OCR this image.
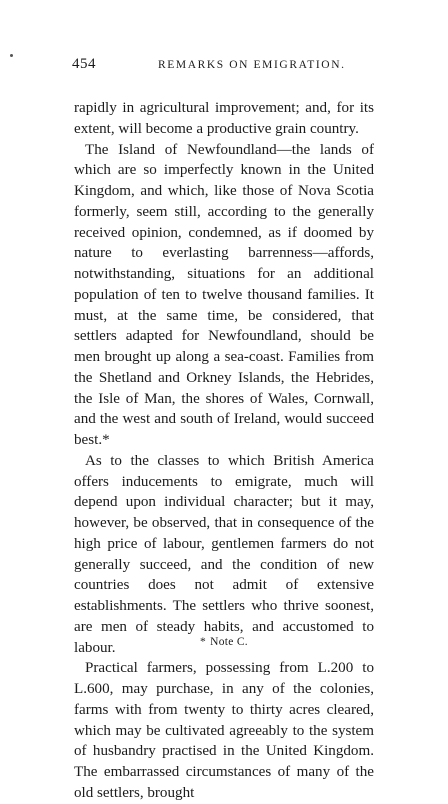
454	REMARKS ON EMIGRATION.

rapidly in agricultural improvement; and, for its extent, will become a productive grain country.

The Island of Newfoundland—the lands of which are so imperfectly known in the United Kingdom, and which, like those of Nova Scotia formerly, seem still, according to the generally received opinion, condemned, as if doomed by nature to everlasting barrenness—affords, notwithstanding, situations for an additional population of ten to twelve thousand families. It must, at the same time, be considered, that settlers adapted for Newfoundland, should be men brought up along a sea-coast. Families from the Shetland and Orkney Islands, the Hebrides, the Isle of Man, the shores of Wales, Cornwall, and the west and south of Ireland, would succeed best.*

As to the classes to which British America offers inducements to emigrate, much will depend upon individual character; but it may, however, be observed, that in consequence of the high price of labour, gentlemen farmers do not generally succeed, and the condition of new countries does not admit of extensive establishments. The settlers who thrive soonest, are men of steady habits, and accustomed to labour.

Practical farmers, possessing from L.200 to L.600, may purchase, in any of the colonies, farms with from twenty to thirty acres cleared, which may be cultivated agreeably to the system of husbandry practised in the United Kingdom. The embarrassed circumstances of many of the old settlers, brought

* Note C.
